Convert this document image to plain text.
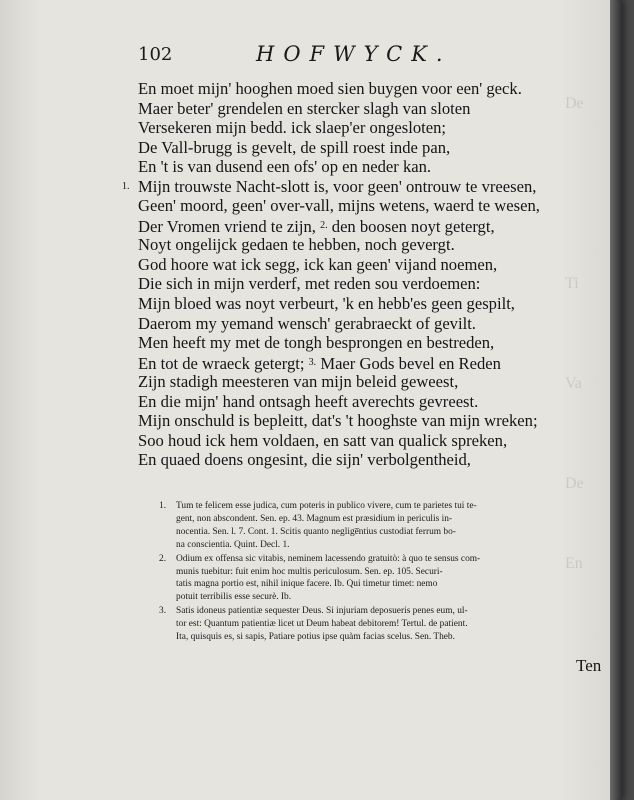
De
Ti
Va
De
En
102	HOFWYCK.
En moet mijn' hooghen moed sien buygen voor een' geck.
Maer beter' grendelen en stercker slagh van sloten
Versekeren mijn bedd. ick slaep'er ongesloten;
De Vall-brugg is gevelt, de spill roest inde pan,
En 't is van dusend een ofs' op en neder kan.
1. Mijn trouwste Nacht-slott is, voor geen' ontrouw te vreesen,
Geen' moord, geen' over-vall, mijns wetens, waerd te wesen,
Der Vromen vriend te zijn, $^{2.}$ den boosen noyt getergt,
Noyt ongelijck gedaen te hebben, noch gevergt.
God hoore wat ick segg, ick kan geen' vijand noemen,
Die sich in mijn verderf, met reden sou verdoemen:
Mijn bloed was noyt verbeurt, 'k en hebb'es geen gespilt,
Daerom my yemand wensch' gerabraeckt of gevilt.
Men heeft my met de tongh besprongen en bestreden,
En tot de wraeck getergt; $^{3.}$ Maer Gods bevel en Reden
Zijn stadigh meesteren van mijn beleid geweest,
En die mijn' hand ontsagh heeft averechts gevreest.
Mijn onschuld is bepleitt, dat's 't hooghste van mijn wreken;
Soo houd ick hem voldaen, en satt van qualick spreken,
En quaed doens ongesint, die sijn' verbolgentheid,
1. Tum te felicem esse judica, cum poteris in publico vivere, cum te parietes tui te-
gent, non abscondent. Sen. ep. 43. Magnum est præsidium in periculis in-
nocentia. Sen. l. 7. Cont. 1. Scitis quanto neglige̅ntius custodiat ferrum bo-
na conscientia. Quint. Decl. 1.
2. Odium ex offensa sic vitabis, neminem lacessendo gratuitò: à quo te sensus com-
munis tuebitur: fuit enim hoc multis periculosum. Sen. ep. 105. Securi-
tatis magna portio est, nihil inique facere. Ib. Qui timetur timet: nemo
potuit terribilis esse securè. Ib.
3. Satis idoneus patientiæ sequester Deus. Si injuriam deposueris penes eum, ul-
tor est: Quantum patientiæ licet ut Deum habeat debitorem! Tertul. de patient.
Ita, quisquis es, si sapis, Patiare potius ipse quàm facias scelus. Sen. Theb.
Ten
